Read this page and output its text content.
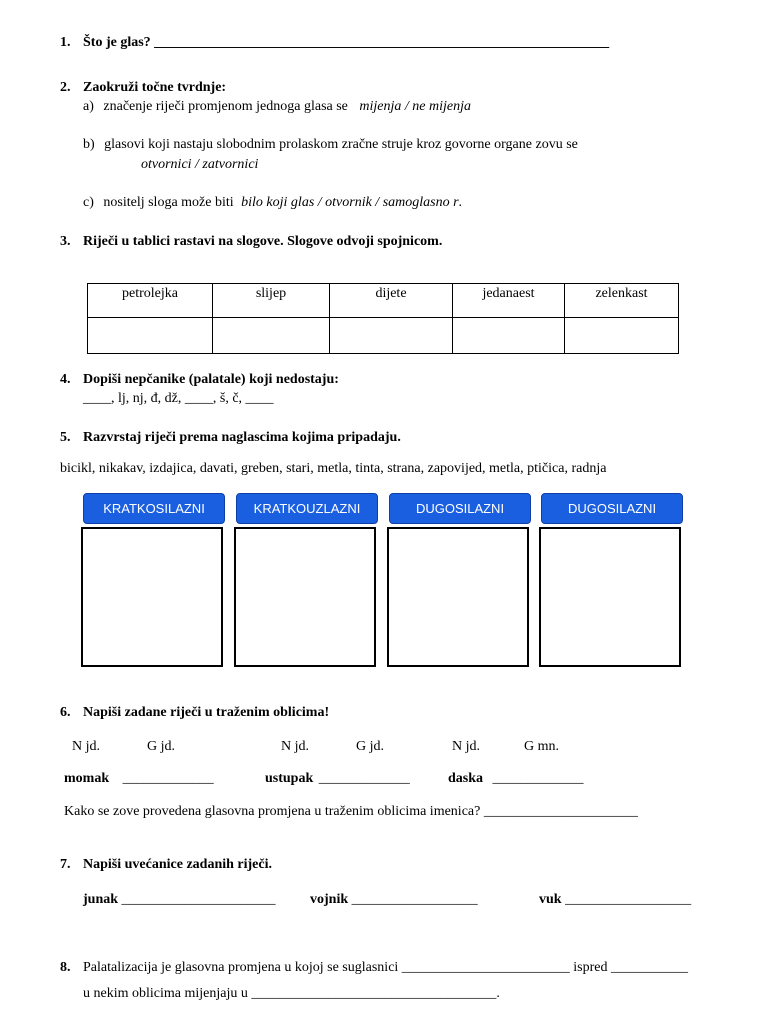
1. Što je glas? _________________________________________________________________
2. Zaokruži točne tvrdnje:
a) značenje riječi promjenom jednoga glasa se mijenja / ne mijenja
b) glasovi koji nastaju slobodnim prolaskom zračne struje kroz govorne organe zovu se
otvornici / zatvornici
c) nositelj sloga može biti bilo koji glas / otvornik / samoglasno r.
3. Riječi u tablici rastavi na slogove. Slogove odvoji spojnicom.
petrolejka	slijep	dijete	jedanaest	zelenkast

4. Dopiši nepčanike (palatale) koji nedostaju:
____, lj, nj, đ, dž, ____, š, č, ____
5. Razvrstaj riječi prema naglascima kojima pripadaju.
bicikl, nikakav, izdajica, davati, greben, stari, metla, tinta, strana, zapovijed, metla, ptičica, radnja
KRATKOSILAZNI	KRATKOUZLAZNI	DUGOSILAZNI	DUGOSILAZNI
6. Napiši zadane riječi u traženim oblicima!
N jd.	G jd.	N jd.	G jd.	N jd.	G mn.
momak _____________	ustupak _____________	daska _____________
Kako se zove provedena glasovna promjena u traženim oblicima imenica? ______________________
7. Napiši uvećanice zadanih riječi.
junak ______________________ vojnik __________________	vuk __________________
8. Palatalizacija je glasovna promjena u kojoj se suglasnici ________________________ ispred ___________
u nekim oblicima mijenjaju u ___________________________________.
